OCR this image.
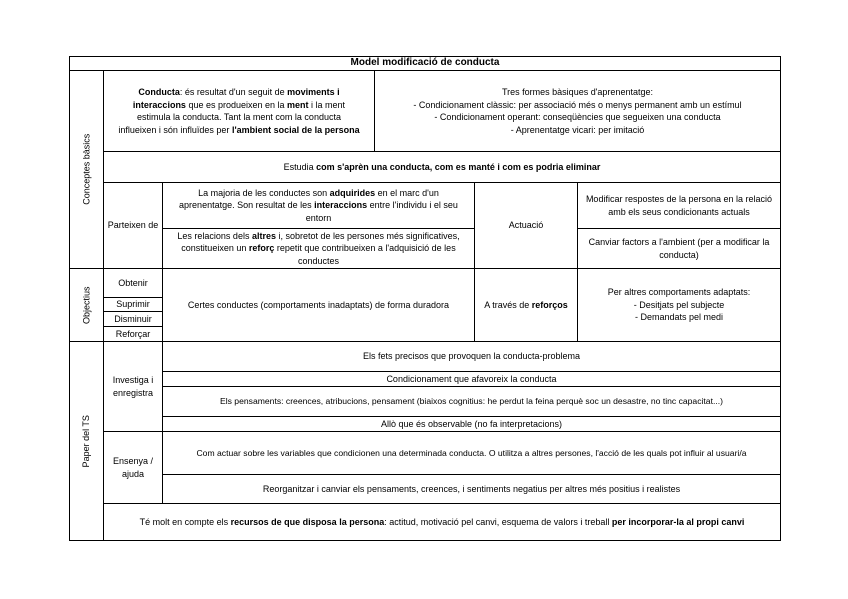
Model modificació de conducta
Conceptes bàsics
Objectius
Paper del TS
Conducta: és resultat d'un seguit de moviments i interaccions que es produeixen en la ment i la ment estimula la conducta. Tant la ment com la conducta influeixen i són influïdes per l'ambient social de la persona
Tres formes bàsiques d'aprenentatge:
- Condicionament clàssic: per associació més o menys permanent amb un estímul
- Condicionament operant: conseqüències que segueixen una conducta
- Aprenentatge vicari: per imitació
Estudia com s'aprèn una conducta, com es manté i com es podria eliminar
Parteixen de
La majoria de les conductes son adquirides en el marc d'un aprenentatge. Son resultat de les interaccions entre l'individu i el seu entorn
Les relacions dels altres i, sobretot de les persones més significatives, constitueixen un reforç repetit que contribueixen a l'adquisició de les conductes
Actuació
Modificar respostes de la persona en la relació amb els seus condicionants actuals
Canviar factors a l'ambient (per a modificar la conducta)
Obtenir
Suprimir
Disminuir
Reforçar
Certes conductes (comportaments inadaptats) de forma duradora	A través de reforços
Per altres comportaments adaptats:
- Desitjats pel subjecte
- Demandats pel medi
Investiga i enregistra
Els fets precisos que provoquen la conducta-problema
Condicionament que afavoreix la conducta
Els pensaments: creences, atribucions, pensament (biaixos cognitius: he perdut la feina perquè soc un desastre, no tinc capacitat...)
Allò que és observable (no fa interpretacions)
Ensenya / ajuda
Com actuar sobre les variables que condicionen una determinada conducta. O utilitza a altres persones, l'acció de les quals pot influir al usuari/a
Reorganitzar i canviar els pensaments, creences, i sentiments negatius per altres més positius i realistes
Té molt en compte els recursos de que disposa la persona: actitud, motivació pel canvi, esquema de valors i treball per incorporar-la al propi canvi
